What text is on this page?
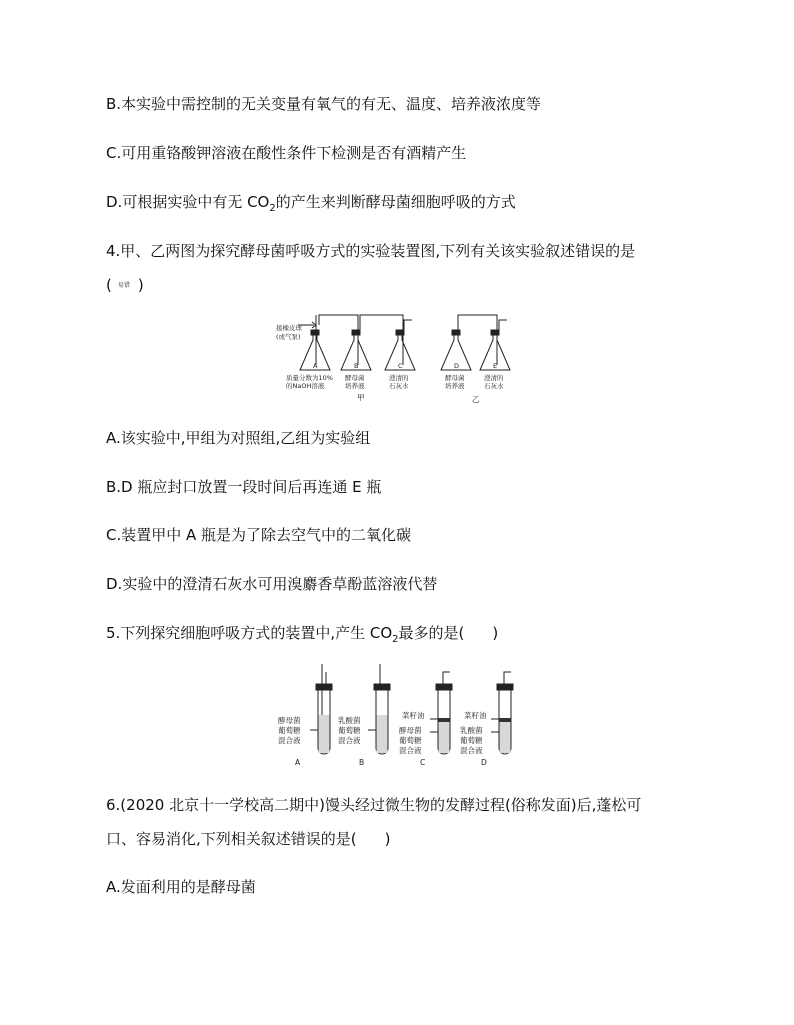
B.本实验中需控制的无关变量有氧气的有无、温度、培养液浓度等
C.可用重铬酸钾溶液在酸性条件下检测是否有酒精产生
D.可根据实验中有无 $CO_2$的产生来判断酵母菌细胞呼吸的方式
4.甲、乙两图为探究酵母菌呼吸方式的实验装置图,下列有关该实验叙述错误的是
( 易错 )
接橡皮球
(或气泵)
A	B	C	D	E
质量分数为10%
的NaOH溶液
酵母菌
培养液
澄清的
石灰水
酵母菌
培养液
澄清的
石灰水
甲	乙
A.该实验中,甲组为对照组,乙组为实验组
B.D 瓶应封口放置一段时间后再连通 E 瓶
C.装置甲中 A 瓶是为了除去空气中的二氧化碳
D.实验中的澄清石灰水可用溴麝香草酚蓝溶液代替
5.下列探究细胞呼吸方式的装置中,产生 $CO_2$最多的是( )
酵母菌
葡萄糖
混合液
乳酸菌
葡萄糖
混合液
菜籽油
酵母菌
葡萄糖
混合液
菜籽油
乳酸菌
葡萄糖
混合液
A	B	C	D
6.(2020 北京十一学校高二期中)馒头经过微生物的发酵过程(俗称发面)后,蓬松可
口、容易消化,下列相关叙述错误的是( )
A.发面利用的是酵母菌
